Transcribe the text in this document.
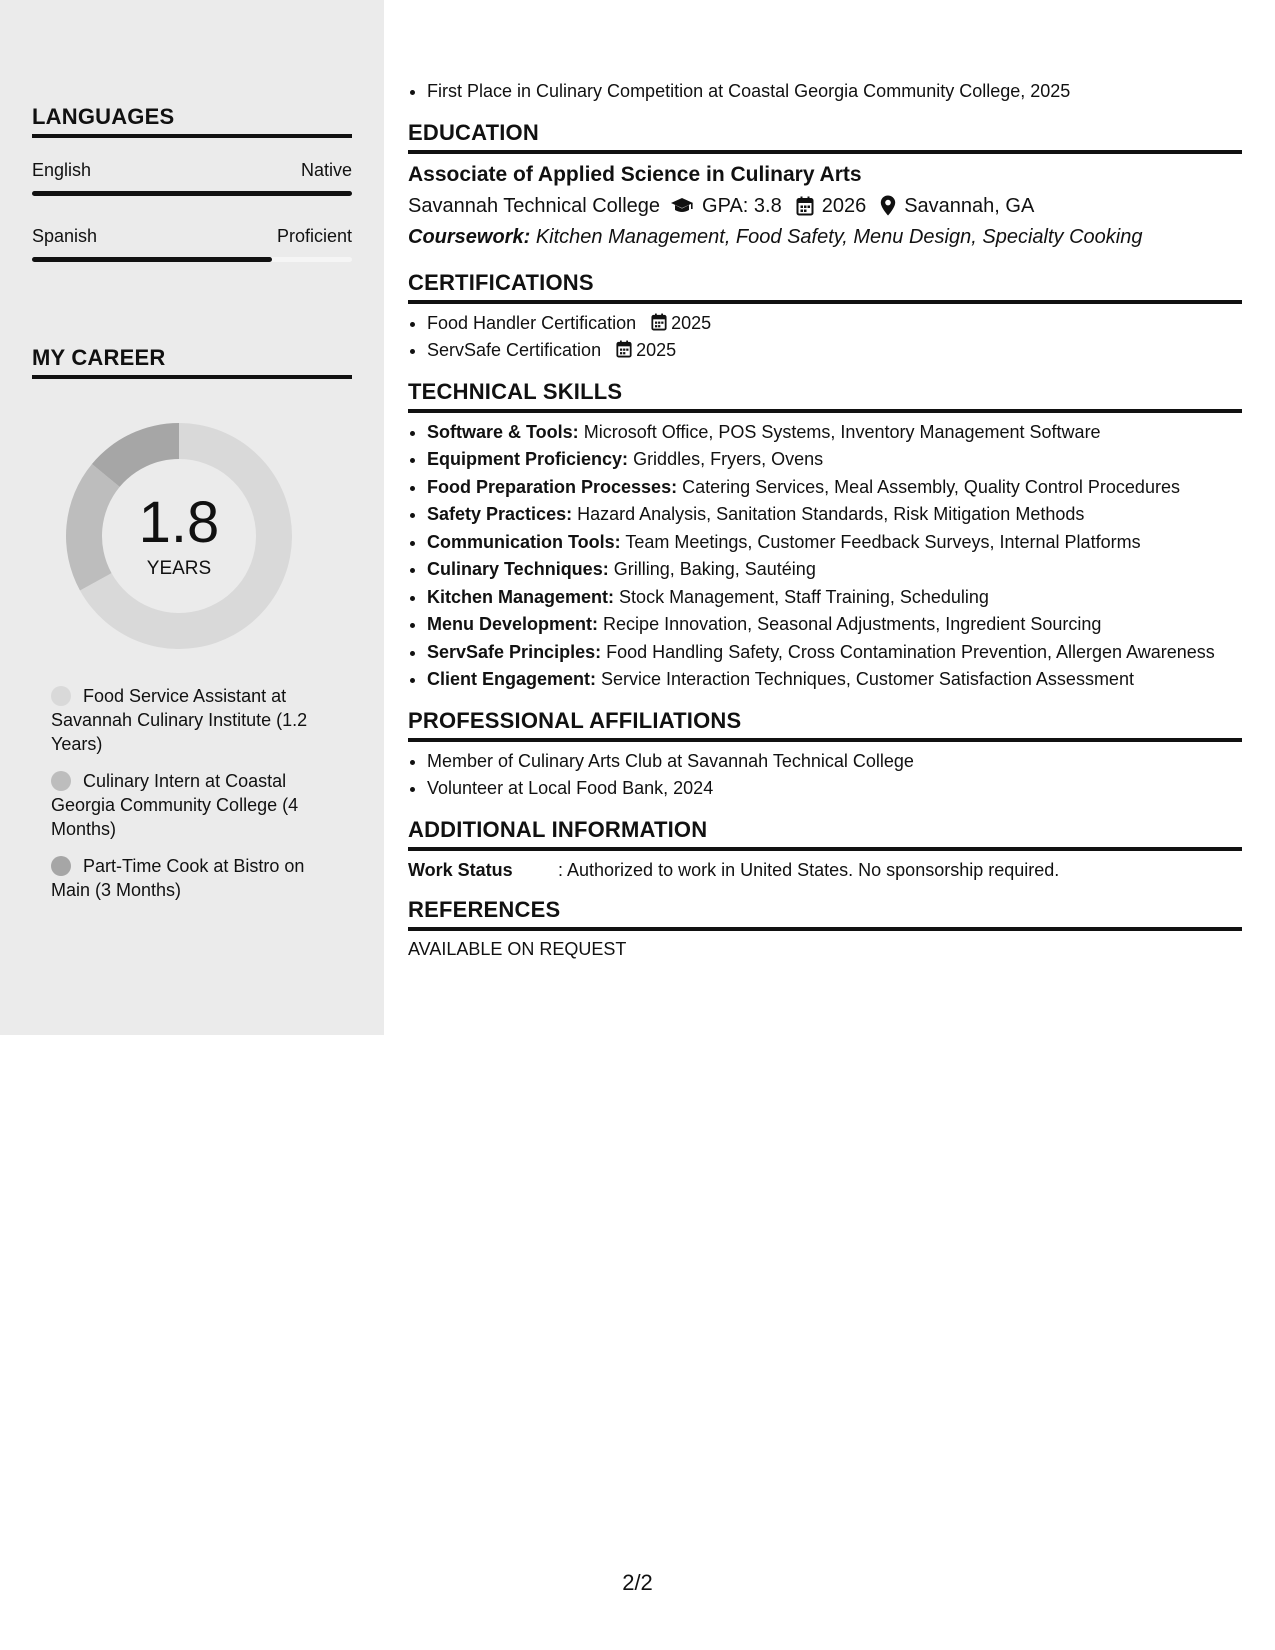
LANGUAGES
English	Native
Spanish	Proficient
MY CAREER
1.8
YEARS
Food Service Assistant at Savannah Culinary Institute (1.2 Years)
Culinary Intern at Coastal Georgia Community College (4 Months)
Part-Time Cook at Bistro on Main (3 Months)
• First Place in Culinary Competition at Coastal Georgia Community College, 2025
EDUCATION
Associate of Applied Science in Culinary Arts
Savannah Technical College GPA: 3.8 2026 Savannah, GA
Coursework: Kitchen Management, Food Safety, Menu Design, Specialty Cooking
CERTIFICATIONS
• Food Handler Certification 2025
• ServSafe Certification 2025
TECHNICAL SKILLS
• Software & Tools: Microsoft Office, POS Systems, Inventory Management Software
• Equipment Proficiency: Griddles, Fryers, Ovens
• Food Preparation Processes: Catering Services, Meal Assembly, Quality Control Procedures
• Safety Practices: Hazard Analysis, Sanitation Standards, Risk Mitigation Methods
• Communication Tools: Team Meetings, Customer Feedback Surveys, Internal Platforms
• Culinary Techniques: Grilling, Baking, Sautéing
• Kitchen Management: Stock Management, Staff Training, Scheduling
• Menu Development: Recipe Innovation, Seasonal Adjustments, Ingredient Sourcing
• ServSafe Principles: Food Handling Safety, Cross Contamination Prevention, Allergen Awareness
• Client Engagement: Service Interaction Techniques, Customer Satisfaction Assessment
PROFESSIONAL AFFILIATIONS
• Member of Culinary Arts Club at Savannah Technical College
• Volunteer at Local Food Bank, 2024
ADDITIONAL INFORMATION
Work Status	: Authorized to work in United States. No sponsorship required.
REFERENCES
AVAILABLE ON REQUEST
2/2
